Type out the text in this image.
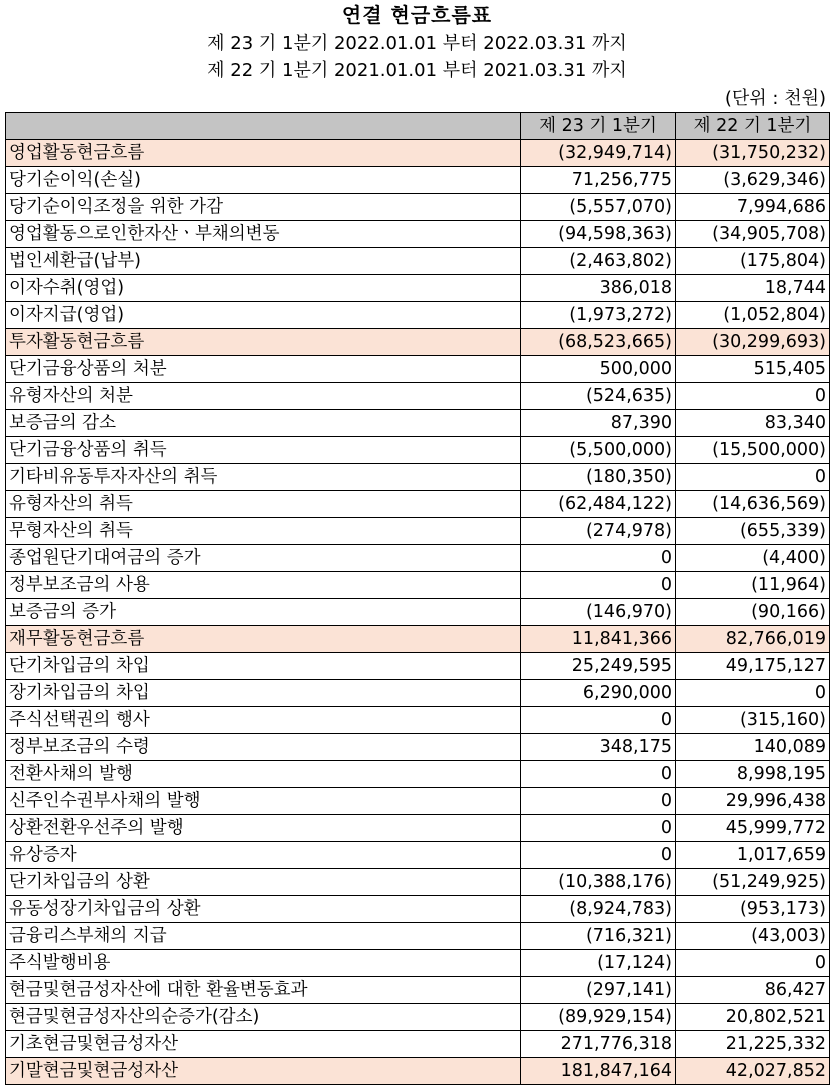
연결 현금흐름표
제 23 기 1분기 2022.01.01 부터 2022.03.31 까지
제 22 기 1분기 2021.01.01 부터 2021.03.31 까지
(단위 : 천원)
	제 23 기 1분기	제 22 기 1분기
영업활동현금흐름	(32,949,714)	(31,750,232)
당기순이익(손실)	71,256,775	(3,629,346)
당기순이익조정을 위한 가감	(5,557,070)	7,994,686
영업활동으로인한자산ㆍ부채의변동	(94,598,363)	(34,905,708)
법인세환급(납부)	(2,463,802)	(175,804)
이자수취(영업)	386,018	18,744
이자지급(영업)	(1,973,272)	(1,052,804)
투자활동현금흐름	(68,523,665)	(30,299,693)
단기금융상품의 처분	500,000	515,405
유형자산의 처분	(524,635)	0
보증금의 감소	87,390	83,340
단기금융상품의 취득	(5,500,000)	(15,500,000)
기타비유동투자자산의 취득	(180,350)	0
유형자산의 취득	(62,484,122)	(14,636,569)
무형자산의 취득	(274,978)	(655,339)
종업원단기대여금의 증가	0	(4,400)
정부보조금의 사용	0	(11,964)
보증금의 증가	(146,970)	(90,166)
재무활동현금흐름	11,841,366	82,766,019
단기차입금의 차입	25,249,595	49,175,127
장기차입금의 차입	6,290,000	0
주식선택권의 행사	0	(315,160)
정부보조금의 수령	348,175	140,089
전환사채의 발행	0	8,998,195
신주인수권부사채의 발행	0	29,996,438
상환전환우선주의 발행	0	45,999,772
유상증자	0	1,017,659
단기차입금의 상환	(10,388,176)	(51,249,925)
유동성장기차입금의 상환	(8,924,783)	(953,173)
금융리스부채의 지급	(716,321)	(43,003)
주식발행비용	(17,124)	0
현금및현금성자산에 대한 환율변동효과	(297,141)	86,427
현금및현금성자산의순증가(감소)	(89,929,154)	20,802,521
기초현금및현금성자산	271,776,318	21,225,332
기말현금및현금성자산	181,847,164	42,027,852
